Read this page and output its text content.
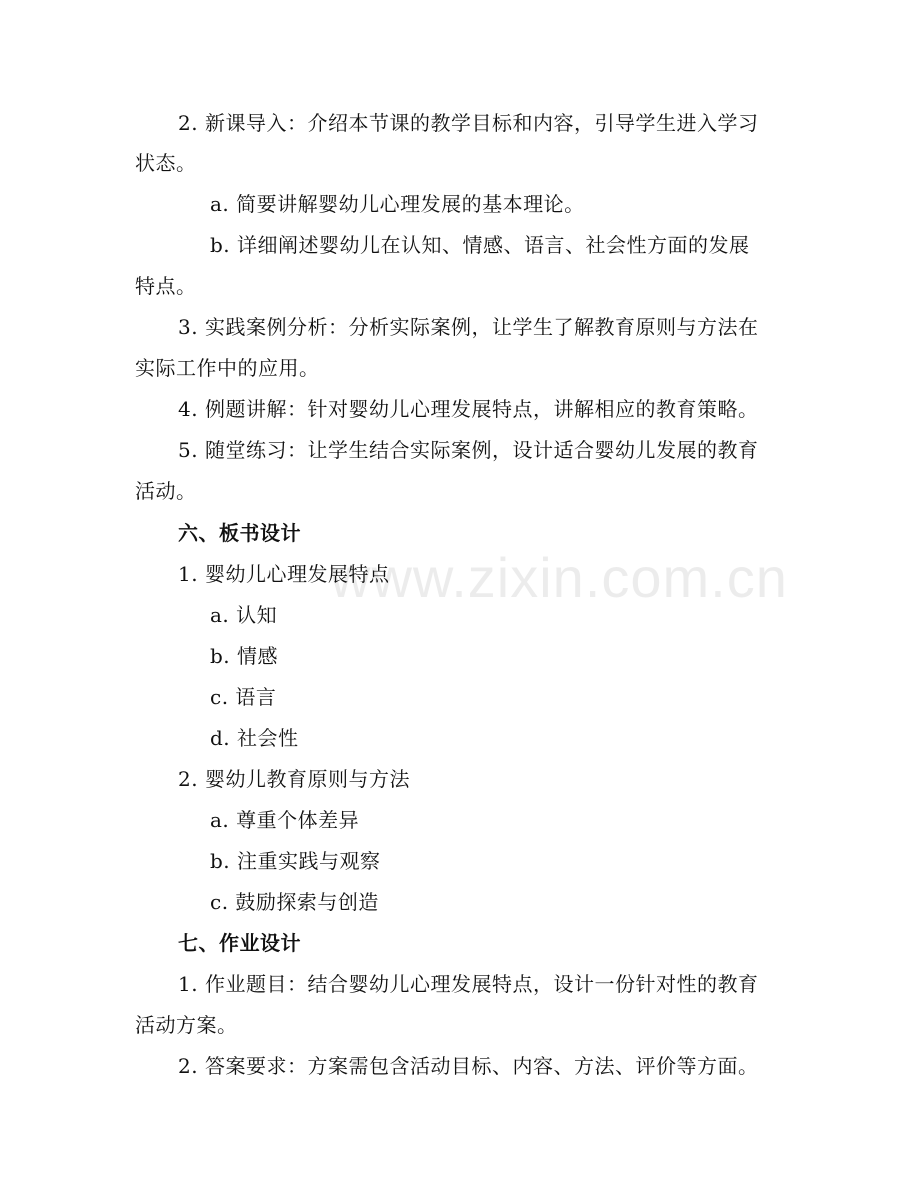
www.zixin.com.cn
2. 新课导入：介绍本节课的教学目标和内容，引导学生进入学习
状态。
a. 简要讲解婴幼儿心理发展的基本理论。
b. 详细阐述婴幼儿在认知、情感、语言、社会性方面的发展
特点。
3. 实践案例分析：分析实际案例，让学生了解教育原则与方法在
实际工作中的应用。
4. 例题讲解：针对婴幼儿心理发展特点，讲解相应的教育策略。
5. 随堂练习：让学生结合实际案例，设计适合婴幼儿发展的教育
活动。
六、板书设计
1. 婴幼儿心理发展特点
a. 认知
b. 情感
c. 语言
d. 社会性
2. 婴幼儿教育原则与方法
a. 尊重个体差异
b. 注重实践与观察
c. 鼓励探索与创造
七、作业设计
1. 作业题目：结合婴幼儿心理发展特点，设计一份针对性的教育
活动方案。
2. 答案要求：方案需包含活动目标、内容、方法、评价等方面。
